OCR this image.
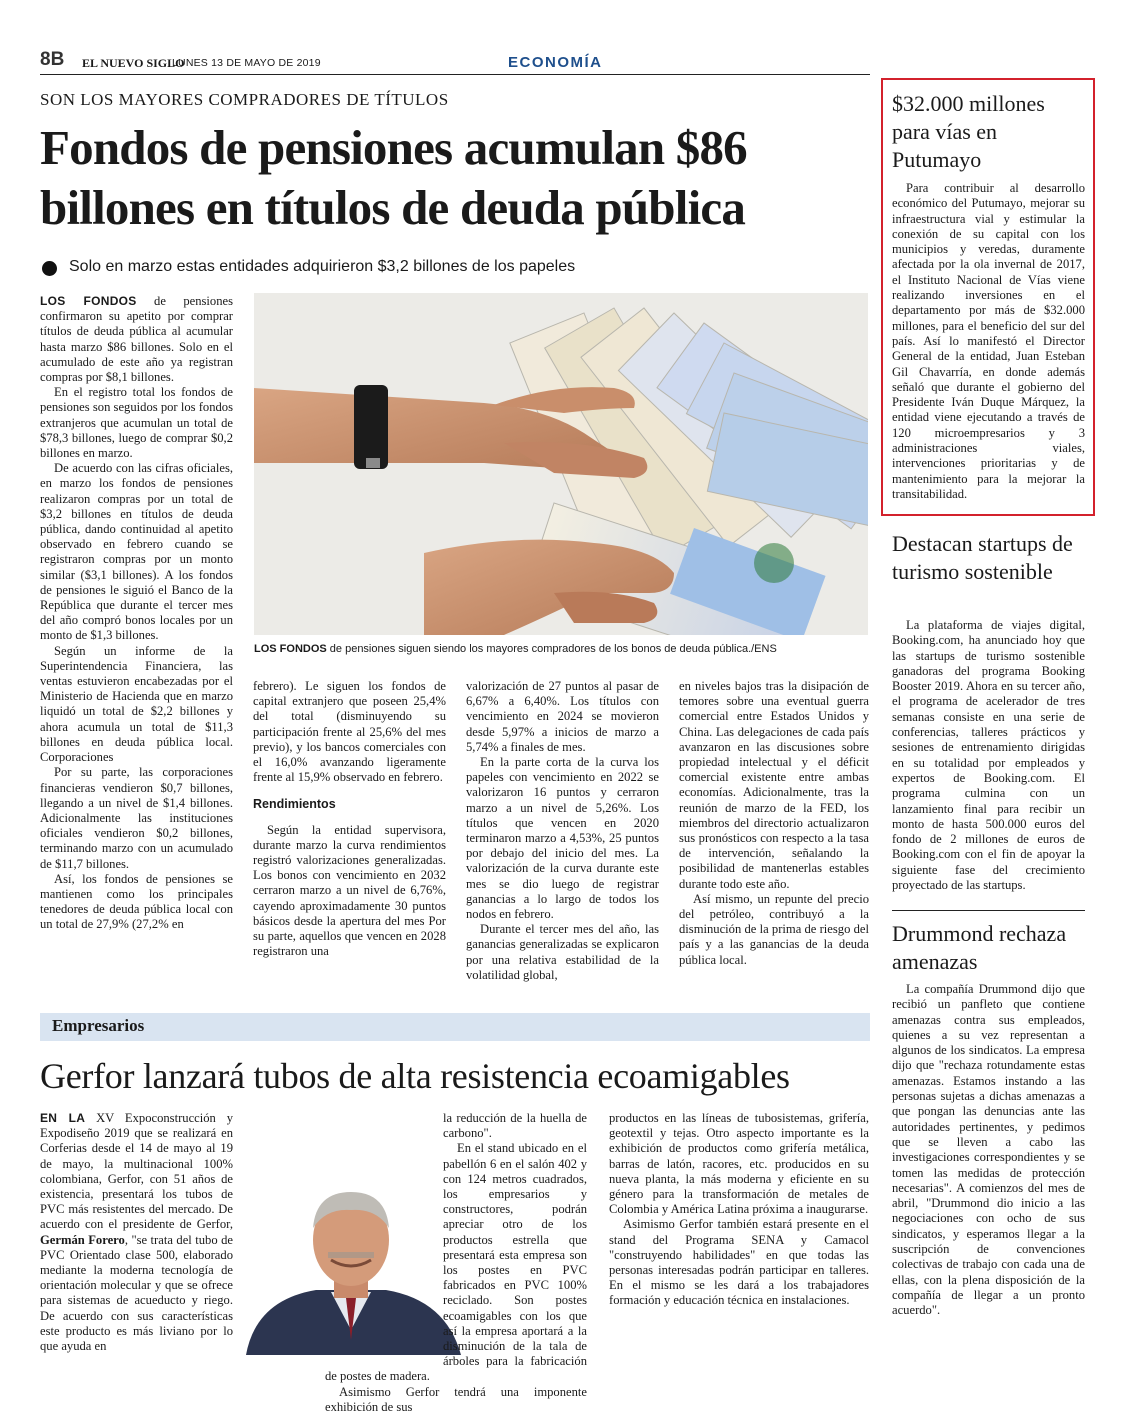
8B EL NUEVO SIGLO
LUNES 13 DE MAYO DE 2019	ECONOMÍA
SON LOS MAYORES COMPRADORES DE TÍTULOS
Fondos de pensiones acumulan $86
billones en títulos de deuda pública
Solo en marzo estas entidades adquirieron $3,2 billones de los papeles
LOS FONDOS de pensiones siguen siendo los mayores compradores de los bonos de deuda pública./ENS

LOS FONDOS de pensiones confirmaron su apetito por comprar títulos de deuda pública al acumular hasta marzo $86 billones. Solo en el acumulado de este año ya registran compras por $8,1 billones.

En el registro total los fondos de pensiones son seguidos por los fondos extranjeros que acumulan un total de $78,3 billones, luego de comprar $0,2 billones en marzo.

De acuerdo con las cifras oficiales, en marzo los fondos de pensiones realizaron compras por un total de $3,2 billones en títulos de deuda pública, dando continuidad al apetito observado en febrero cuando se registraron compras por un monto similar ($3,1 billones). A los fondos de pensiones le siguió el Banco de la República que durante el tercer mes del año compró bonos locales por un monto de $1,3 billones.

Según un informe de la Superintendencia Financiera, las ventas estuvieron encabezadas por el Ministerio de Hacienda que en marzo liquidó un total de $2,2 billones y ahora acumula un total de $11,3 billones en deuda pública local. Corporaciones

Por su parte, las corporaciones financieras vendieron $0,7 billones, llegando a un nivel de $1,4 billones. Adicionalmente las instituciones oficiales vendieron $0,2 billones, terminando marzo con un acumulado de $11,7 billones.

Así, los fondos de pensiones se mantienen como los principales tenedores de deuda pública local con un total de 27,9% (27,2% en

febrero). Le siguen los fondos de capital extranjero que poseen 25,4% del total (disminuyendo su participación frente al 25,6% del mes previo), y los bancos comerciales con el 16,0% avanzando ligeramente frente al 15,9% observado en febrero.

Rendimientos

Según la entidad supervisora, durante marzo la curva rendimientos registró valorizaciones generalizadas. Los bonos con vencimiento en 2032 cerraron marzo a un nivel de 6,76%, cayendo aproximadamente 30 puntos básicos desde la apertura del mes Por su parte, aquellos que vencen en 2028 registraron una

valorización de 27 puntos al pasar de 6,67% a 6,40%. Los títulos con vencimiento en 2024 se movieron desde 5,97% a inicios de marzo a 5,74% a finales de mes.

En la parte corta de la curva los papeles con vencimiento en 2022 se valorizaron 16 puntos y cerraron marzo a un nivel de 5,26%. Los títulos que vencen en 2020 terminaron marzo a 4,53%, 25 puntos por debajo del inicio del mes. La valorización de la curva durante este mes se dio luego de registrar ganancias a lo largo de todos los nodos en febrero.

Durante el tercer mes del año, las ganancias generalizadas se explicaron por una relativa estabilidad de la volatilidad global,

en niveles bajos tras la disipación de temores sobre una eventual guerra comercial entre Estados Unidos y China. Las delegaciones de cada país avanzaron en las discusiones sobre propiedad intelectual y el déficit comercial existente entre ambas economías. Adicionalmente, tras la reunión de marzo de la FED, los miembros del directorio actualizaron sus pronósticos con respecto a la tasa de intervención, señalando la posibilidad de mantenerlas estables durante todo este año.

Así mismo, un repunte del precio del petróleo, contribuyó a la disminución de la prima de riesgo del país y a las ganancias de la deuda pública local.

$32.000 millones para vías en Putumayo

Para contribuir al desarrollo económico del Putumayo, mejorar su infraestructura vial y estimular la conexión de su capital con los municipios y veredas, duramente afectada por la ola invernal de 2017, el Instituto Nacional de Vías viene realizando inversiones en el departamento por más de $32.000 millones, para el beneficio del sur del país. Así lo manifestó el Director General de la entidad, Juan Esteban Gil Chavarría, en donde además señaló que durante el gobierno del Presidente Iván Duque Márquez, la entidad viene ejecutando a través de 120 microempresarios y 3 administraciones viales, intervenciones prioritarias y de mantenimiento para la mejorar la transitabilidad.

Destacan startups de turismo sostenible

La plataforma de viajes digital, Booking.com, ha anunciado hoy que las startups de turismo sostenible ganadoras del programa Booking Booster 2019. Ahora en su tercer año, el programa de acelerador de tres semanas consiste en una serie de conferencias, talleres prácticos y sesiones de entrenamiento dirigidas en su totalidad por empleados y expertos de Booking.com. El programa culmina con un lanzamiento final para recibir un monto de hasta 500.000 euros del fondo de 2 millones de euros de Booking.com con el fin de apoyar la siguiente fase del crecimiento proyectado de las startups.

Drummond rechaza amenazas

La compañía Drummond dijo que recibió un panfleto que contiene amenazas contra sus empleados, quienes a su vez representan a algunos de los sindicatos. La empresa dijo que "rechaza rotundamente estas amenazas. Estamos instando a las personas sujetas a dichas amenazas a que pongan las denuncias ante las autoridades pertinentes, y pedimos que se lleven a cabo las investigaciones correspondientes y se tomen las medidas de protección necesarias". A comienzos del mes de abril, "Drummond dio inicio a las negociaciones con ocho de sus sindicatos, y esperamos llegar a la suscripción de convenciones colectivas de trabajo con cada una de ellas, con la plena disposición de la compañía de llegar a un pronto acuerdo".

Empresarios
Gerfor lanzará tubos de alta resistencia ecoamigables

EN LA XV Expoconstrucción y Expodiseño 2019 que se realizará en Corferias desde el 14 de mayo al 19 de mayo, la multinacional 100% colombiana, Gerfor, con 51 años de existencia, presentará los tubos de PVC más resistentes del mercado. De acuerdo con el presidente de Gerfor, Germán Forero, "se trata del tubo de PVC Orientado clase 500, elaborado mediante la moderna tecnología de orientación molecular y que se ofrece para sistemas de acueducto y riego. De acuerdo con sus características este producto es más liviano por lo que ayuda en

la reducción de la huella de carbono".

En el stand ubicado en el pabellón 6 en el salón 402 y con 124 metros cuadrados, los empresarios y constructores, podrán apreciar otro de los productos estrella que presentará esta empresa son los postes en PVC fabricados en PVC 100% reciclado. Son postes ecoamigables con los que así la empresa aportará a la disminución de la tala de árboles para la fabricación de postes de madera.

Asimismo Gerfor tendrá una imponente exhibición de sus

productos en las líneas de tubosistemas, grifería, geotextil y tejas. Otro aspecto importante es la exhibición de productos como grifería metálica, barras de latón, racores, etc. producidos en su nueva planta, la más moderna y eficiente en su género para la transformación de metales de Colombia y América Latina próxima a inaugurarse.

Asimismo Gerfor también estará presente en el stand del Programa SENA y Camacol "construyendo habilidades" en que todas las personas interesadas podrán participar en talleres. En el mismo se les dará a los trabajadores formación y educación técnica en instalaciones.
